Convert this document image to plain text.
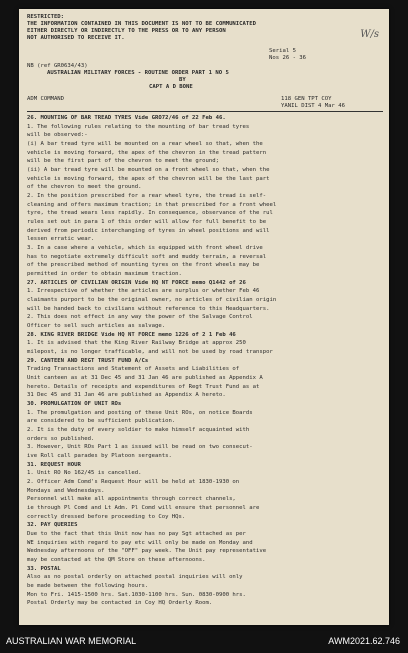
RESTRICTED:
THE INFORMATION CONTAINED IN THIS DOCUMENT IS NOT TO BE COMMUNICATED
EITHER DIRECTLY OR INDIRECTLY TO THE PRESS OR TO ANY PERSON
NOT AUTHORISED TO RECEIVE IT.	W/s
Serial 5
Nos 26 - 36
NB (ref GR0634/43)
AUSTRALIAN MILITARY FORCES - ROUTINE ORDER PART 1 NO 5
BY
CAPT A D BONE
ADM COMMAND	118 GEN TPT COY
YANIL DIST 4 Mar 46
26. MOUNTING OF BAR TREAD TYRES Vide GRO72/46 of 22 Feb 46.
1. The following rules relating to the mounting of bar tread tyres
will be observed:-
(i) A bar tread tyre will be mounted on a rear wheel so that, when the
vehicle is moving forward, the apex of the chevron in the tread pattern
will be the first part of the chevron to meet the ground;
(ii) A bar tread tyre will be mounted on a front wheel so that, when the
vehicle is moving forward, the apex of the chevron will be the last part
of the chevron to meet the ground.
2. In the position prescribed for a rear wheel tyre, the tread is self-
cleaning and offers maximum traction; in that prescribed for a front wheel
tyre, the tread wears less rapidly. In consequence, observance of the rul
rules set out in para 1 of this order will allow for full benefit to be
derived from periodic interchanging of tyres in wheel positions and will
lessen erratic wear.
3. In a case where a vehicle, which is equipped with front wheel drive
has to negotiate extremely difficult soft and muddy terrain, a reversal
of the prescribed method of mounting tyres on the front wheels may be
permitted in order to obtain maximum traction.
27. ARTICLES OF CIVILIAN ORIGIN Vide HQ NT FORCE memo Q1442 of 26
1. Irrespective of whether the articles are surplus or whether Feb 46
claimants purport to be the original owner, no articles of civilian origin
will be handed back to civilians without reference to this Headquarters.
2. This does not effect in any way the power of the Salvage Control
Officer to sell such articles as salvage.
28. KING RIVER BRIDGE Vide HQ NT FORCE memo 1226 of 2 1 Feb 46
1. It is advised that the King River Railway Bridge at approx 250
milepost, is no longer trafficable, and will not be used by road transpor
29. CANTEEN AND REGT TRUST FUND A/Cs
Trading Transactions and Statement of Assets and Liabilities of
Unit canteen as at 31 Dec 45 and 31 Jan 46 are published as Appendix A
hereto. Details of receipts and expenditures of Regt Trust Fund as at
31 Dec 45 and 31 Jan 46 are published as Appendix A hereto.
30. PROMULGATION OF UNIT ROs
1. The promulgation and posting of these Unit ROs, on notice Boards
are considered to be sufficient publication.
2. It is the duty of every soldier to make himself acquainted with
orders so published.
3. However, Unit ROs Part 1 as issued will be read on two consecut-
ive Roll call parades by Platoon sergeants.
31. REQUEST HOUR
1. Unit RO No 162/45 is cancelled.
2. Officer Adm Comd's Request Hour will be held at 1830-1930 on
Mondays and Wednesdays.
Personnel will make all appointments through correct channels,
ie through Pl Comd and Lt Adm. Pl Comd will ensure that personnel are
correctly dressed before proceeding to Coy HQs.
32. PAY QUERIES
Due to the fact that this Unit now has no pay Sgt attached as per
WE inquiries with regard to pay etc will only be made on Monday and
Wednesday afternoons of the "OFF" pay week. The Unit pay representative
may be contacted at the QM Store on these afternoons.
33. POSTAL
Also as no postal orderly on attached postal inquiries will only
be made between the following hours.
Mon to Fri. 1415-1500 hrs. Sat.1030-1100 hrs. Sun. 0830-0900 hrs.
Postal Orderly may be contacted in Coy HQ Orderly Room.
AUSTRALIAN WAR MEMORIAL	AWM2021.62.746
